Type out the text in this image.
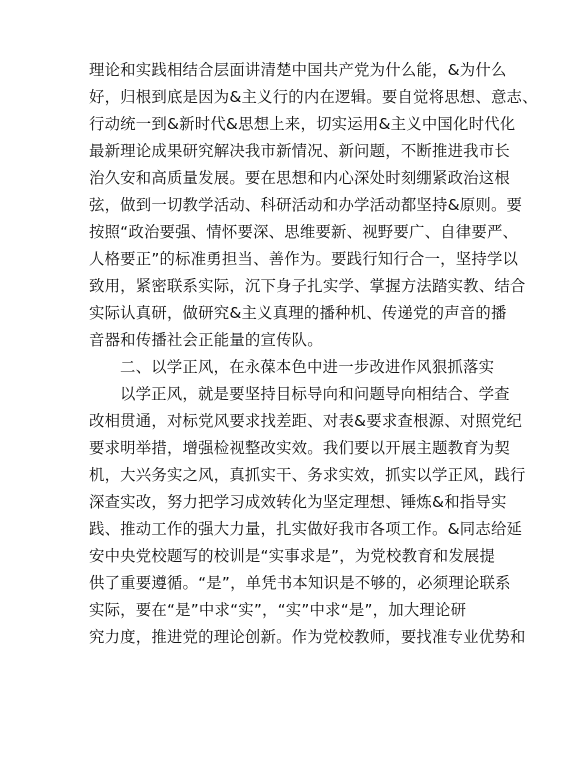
理论和实践相结合层面讲清楚中国共产党为什么能，&为什么
好，归根到底是因为&主义行的内在逻辑。要自觉将思想、意志、
行动统一到&新时代&思想上来，切实运用&主义中国化时代化
最新理论成果研究解决我市新情况、新问题，不断推进我市长
治久安和高质量发展。要在思想和内心深处时刻绷紧政治这根
弦，做到一切教学活动、科研活动和办学活动都坚持&原则。要
按照“政治要强、情怀要深、思维要新、视野要广、自律要严、
人格要正”的标准勇担当、善作为。要践行知行合一，坚持学以
致用，紧密联系实际，沉下身子扎实学、掌握方法踏实教、结合
实际认真研，做研究&主义真理的播种机、传递党的声音的播
音器和传播社会正能量的宣传队。
二、以学正风，在永葆本色中进一步改进作风狠抓落实
以学正风，就是要坚持目标导向和问题导向相结合、学查
改相贯通，对标党风要求找差距、对表&要求查根源、对照党纪
要求明举措，增强检视整改实效。我们要以开展主题教育为契
机，大兴务实之风，真抓实干、务求实效，抓实以学正风，践行
深查实改，努力把学习成效转化为坚定理想、锤炼&和指导实
践、推动工作的强大力量，扎实做好我市各项工作。&同志给延
安中央党校题写的校训是“实事求是”，为党校教育和发展提
供了重要遵循。“是”，单凭书本知识是不够的，必须理论联系
实际，要在“是”中求“实”，“实”中求“是”，加大理论研
究力度，推进党的理论创新。作为党校教师，要找准专业优势和
